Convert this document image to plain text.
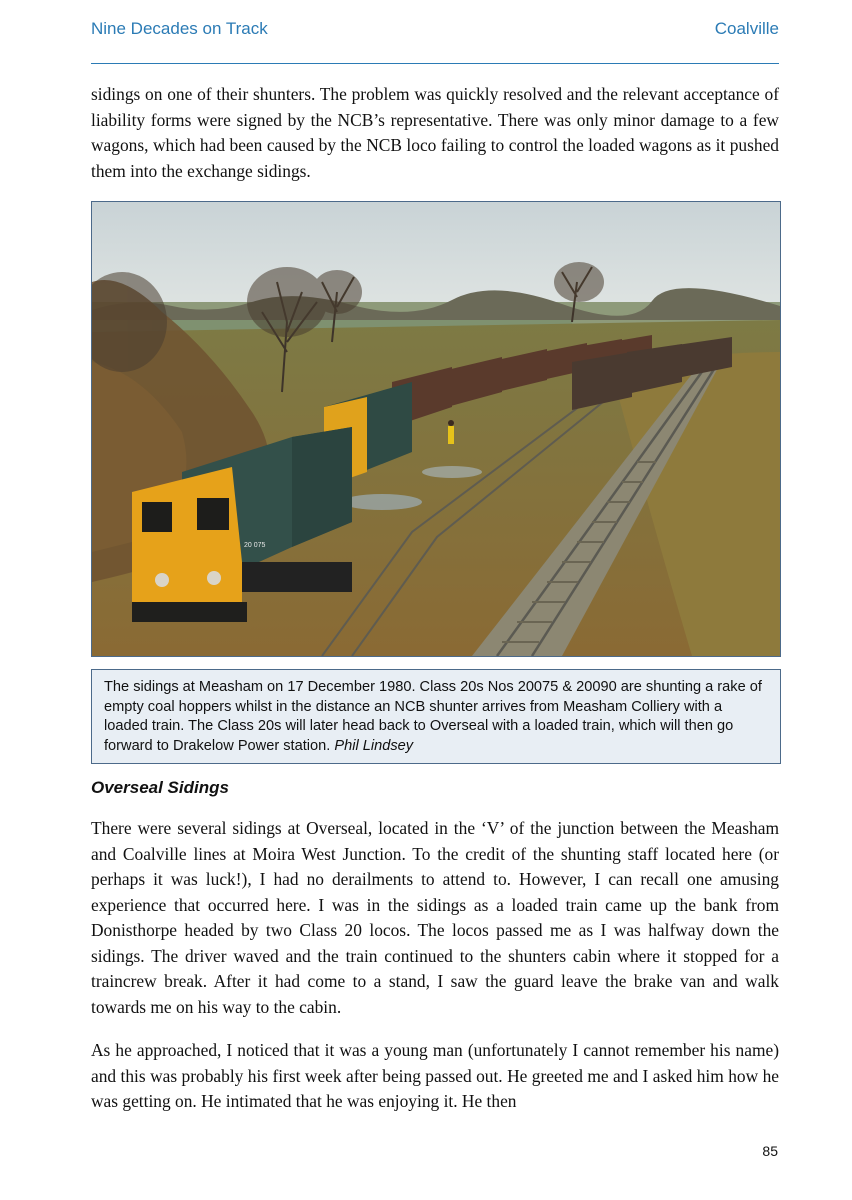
Nine Decades on Track	Coalville

sidings on one of their shunters. The problem was quickly resolved and the relevant acceptance of liability forms were signed by the NCB’s representative. There was only minor damage to a few wagons, which had been caused by the NCB loco failing to control the loaded wagons as it pushed them into the exchange sidings.

20 075
The sidings at Measham on 17 December 1980. Class 20s Nos 20075 & 20090 are shunting a rake of empty coal hoppers whilst in the distance an NCB shunter arrives from Measham Colliery with a loaded train. The Class 20s will later head back to Overseal with a loaded train, which will then go forward to Drakelow Power station. Phil Lindsey
Overseal Sidings

There were several sidings at Overseal, located in the ‘V’ of the junction between the Measham and Coalville lines at Moira West Junction. To the credit of the shunting staff located here (or perhaps it was luck!), I had no derailments to attend to. However, I can recall one amusing experience that occurred here. I was in the sidings as a loaded train came up the bank from Donisthorpe headed by two Class 20 locos. The locos passed me as I was halfway down the sidings. The driver waved and the train continued to the shunters cabin where it stopped for a traincrew break. After it had come to a stand, I saw the guard leave the brake van and walk towards me on his way to the cabin.

As he approached, I noticed that it was a young man (unfortunately I cannot remember his name) and this was probably his first week after being passed out. He greeted me and I asked him how he was getting on. He intimated that he was enjoying it. He then

85
